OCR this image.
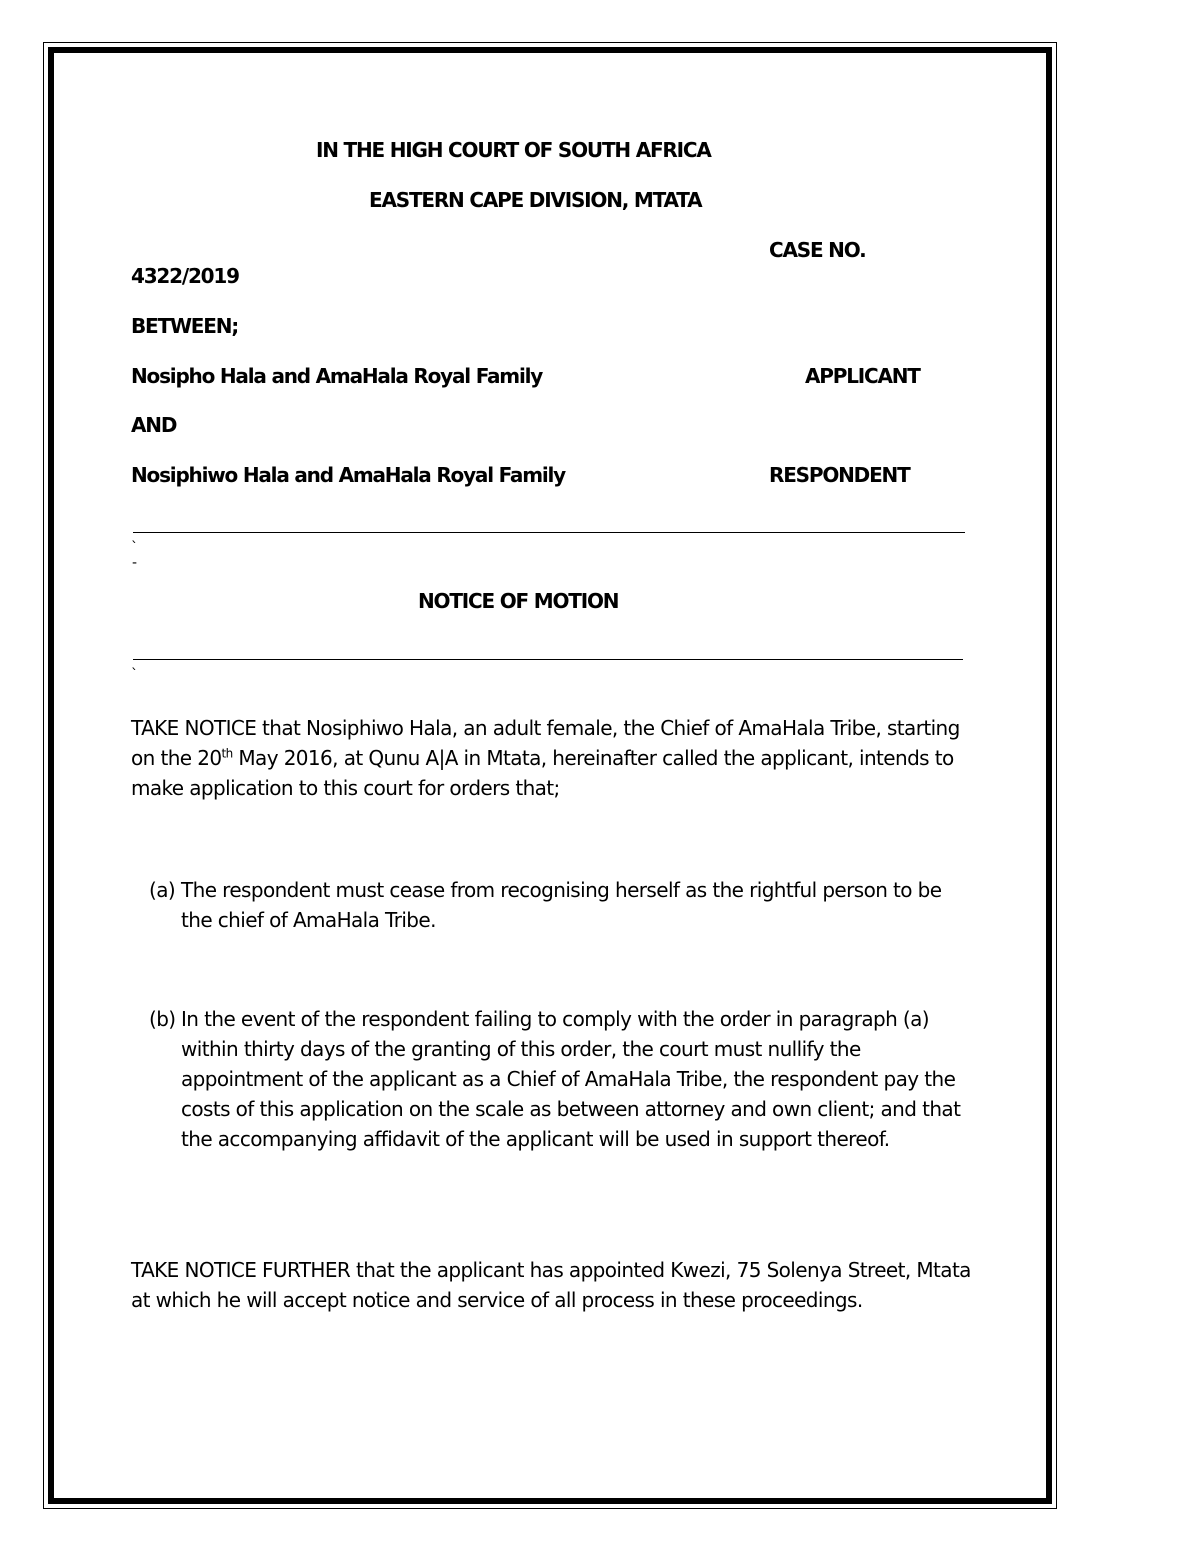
IN THE HIGH COURT OF SOUTH AFRICA
EASTERN CAPE DIVISION, MTATA
CASE NO.
4322/2019
BETWEEN;
Nosipho Hala and AmaHala Royal Family	APPLICANT
AND
Nosiphiwo Hala and AmaHala Royal Family	RESPONDENT
`
-
NOTICE OF MOTION
`
TAKE NOTICE that Nosiphiwo Hala, an adult female, the Chief of AmaHala Tribe, starting on the 20th May 2016, at Qunu A|A in Mtata, hereinafter called the applicant, intends to make application to this court for orders that;
(a) The respondent must cease from recognising herself as the rightful person to be the chief of AmaHala Tribe.
(b) In the event of the respondent failing to comply with the order in paragraph (a) within thirty days of the granting of this order, the court must nullify the appointment of the applicant as a Chief of AmaHala Tribe, the respondent pay the costs of this application on the scale as between attorney and own client; and that the accompanying affidavit of the applicant will be used in support thereof.
TAKE NOTICE FURTHER that the applicant has appointed Kwezi, 75 Solenya Street, Mtata at which he will accept notice and service of all process in these proceedings.
